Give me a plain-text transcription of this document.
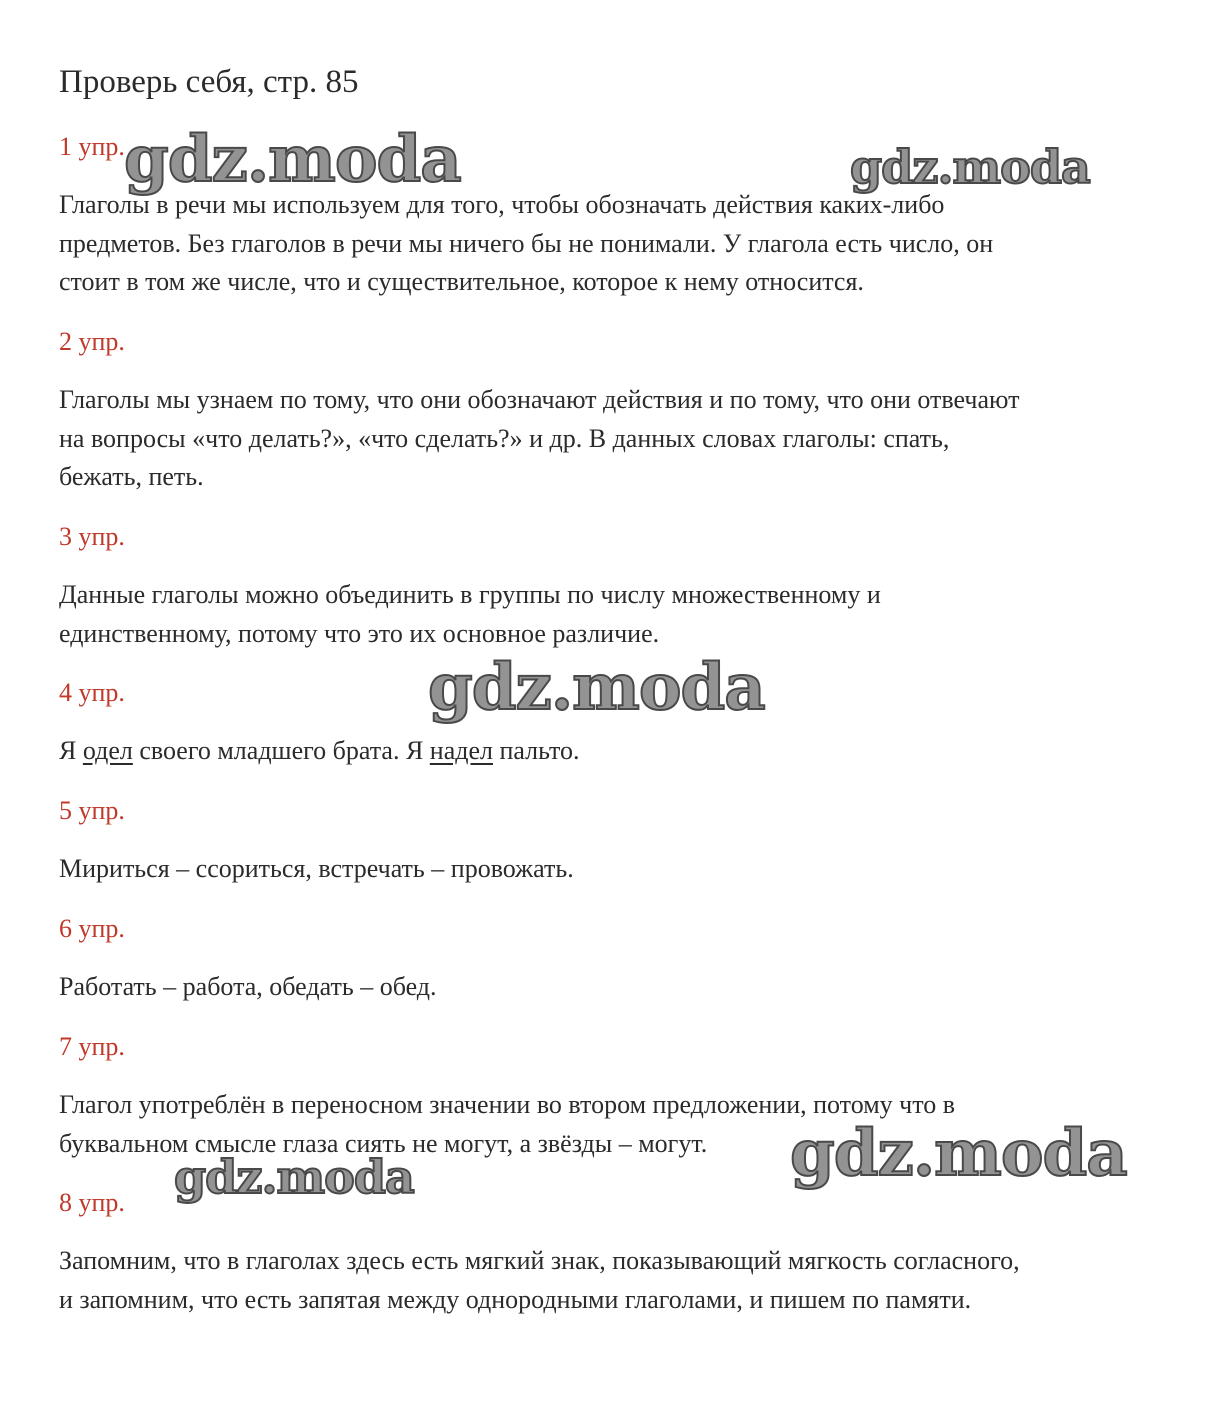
Проверь себя, стр. 85
1 упр.
Глаголы в речи мы используем для того, чтобы обозначать действия каких-либо
предметов. Без глаголов в речи мы ничего бы не понимали. У глагола есть число, он
стоит в том же числе, что и существительное, которое к нему относится.
2 упр.
Глаголы мы узнаем по тому, что они обозначают действия и по тому, что они отвечают
на вопросы «что делать?», «что сделать?» и др. В данных словах глаголы: спать,
бежать, петь.
3 упр.
Данные глаголы можно объединить в группы по числу множественному и
единственному, потому что это их основное различие.
4 упр.
Я одел своего младшего брата. Я надел пальто.
5 упр.
Мириться – ссориться, встречать – провожать.
6 упр.
Работать – работа, обедать – обед.
7 упр.
Глагол употреблён в переносном значении во втором предложении, потому что в
буквальном смысле глаза сиять не могут, а звёзды – могут.
8 упр.
Запомним, что в глаголах здесь есть мягкий знак, показывающий мягкость согласного,
и запомним, что есть запятая между однородными глаголами, и пишем по памяти.
gdz.moda	gdz.moda
gdz.moda
gdz.moda
gdz.moda
